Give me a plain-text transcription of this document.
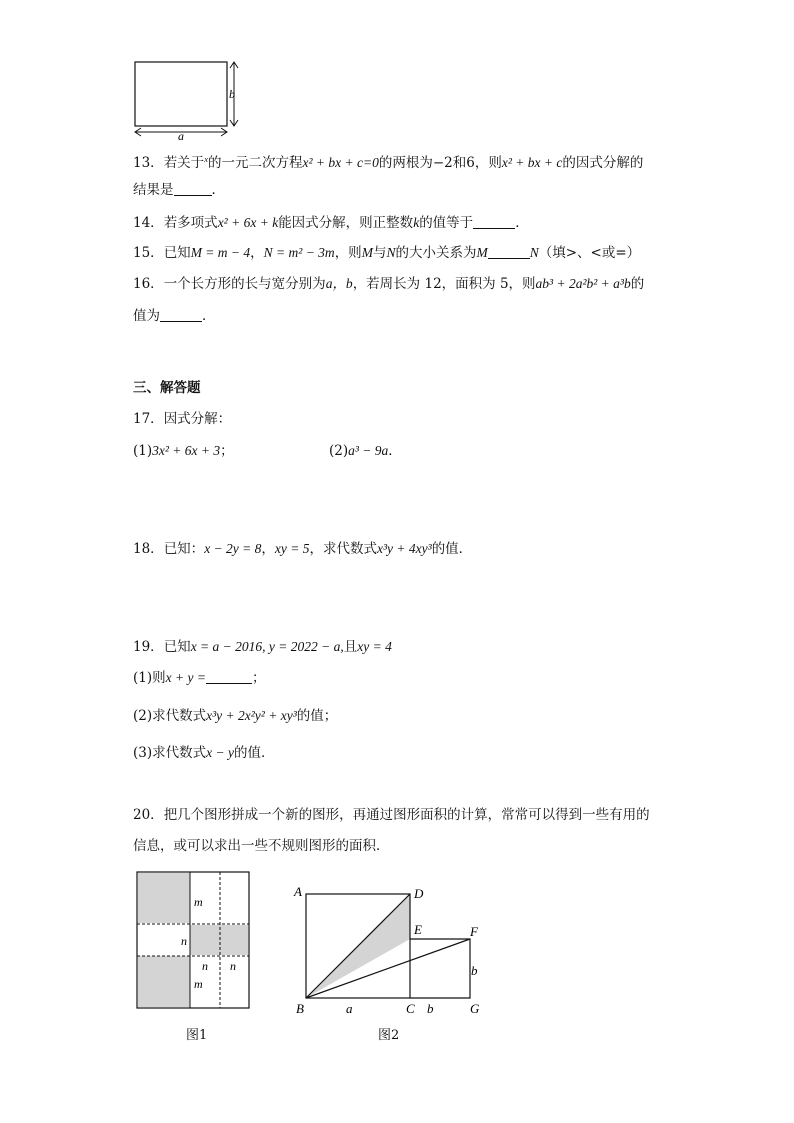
b
a
13．若关于$^x$的一元二次方程x² + bx + c=0的两根为−2和6，则x² + bx + c的因式分解的
结果是	．
14．若多项式x² + 6x + k能因式分解，则正整数k的值等于	．
15．已知M = m − 4，N = m² − 3m，则M与N的大小关系为M	N（填>、<或=）
16．一个长方形的长与宽分别为a，b，若周长为 12，面积为 5，则ab³ + 2a²b² + a³b的
值为	．
三、解答题
17．因式分解：
(1)3x² + 6x + 3；	(2)a³ − 9a．
18．已知：x − 2y = 8，xy = 5，求代数式x³y + 4xy³的值．
19．已知x = a − 2016, y = 2022 − a,且xy = 4
(1)则x + y =	；
(2)求代数式x³y + 2x²y² + xy³的值；
(3)求代数式x − y的值．
20．把几个图形拼成一个新的图形，再通过图形面积的计算，常常可以得到一些有用的
信息，或可以求出一些不规则图形的面积．
m
n
n n
m
图1
A	D
E	F
B	C	G
a	b
b
图2
